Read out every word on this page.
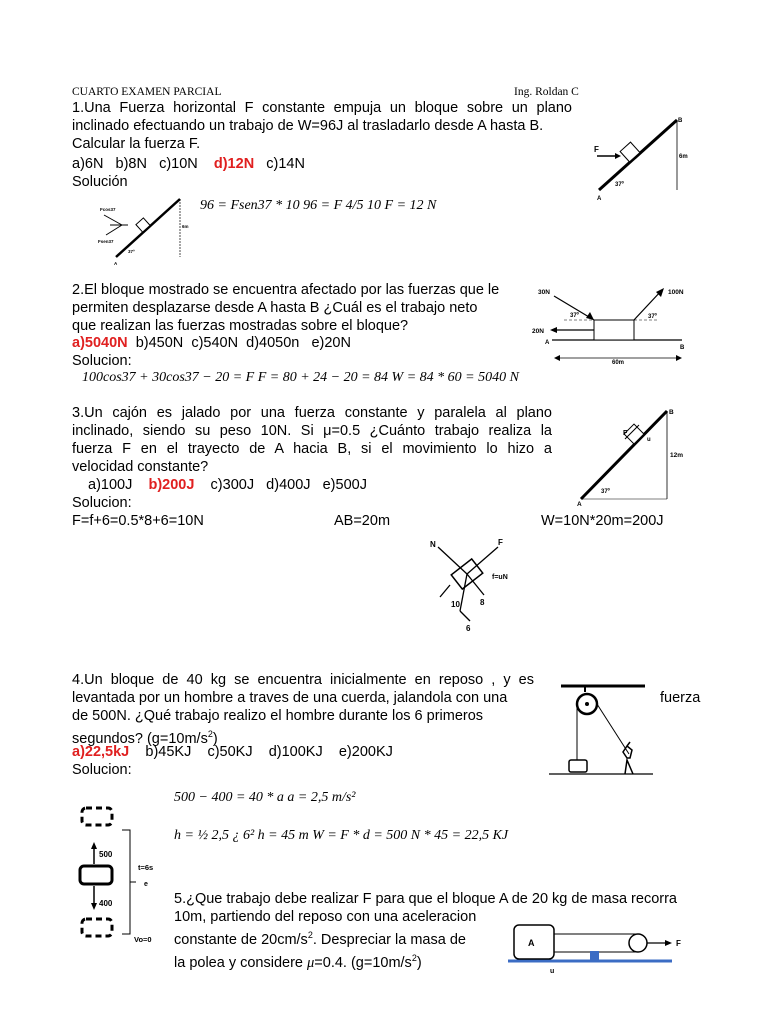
CUARTO EXAMEN PARCIAL	Ing. Roldan C
1.Una Fuerza horizontal F constante empuja un bloque sobre un plano
inclinado efectuando un trabajo de W=96J al trasladarlo desde A hasta B.
Calcular la fuerza F.
a)6N b)8N c)10N d)12N c)14N
Solución
96 = Fsen37 * 10 96 = F 4/5 10 F = 12 N
F
B
A
6m
37º
Fcos37
Fsen37
6m
37º
A
2.El bloque mostrado se encuentra afectado por las fuerzas que le
permiten desplazarse desde A hasta B ¿Cuál es el trabajo neto
que realizan las fuerzas mostradas sobre el bloque?
a)5040N b)450N c)540N d)4050n e)20N
Solucion:
100cos37 + 30cos37 − 20 = F F = 80 + 24 − 20 = 84 W = 84 * 60 = 5040 N
30N	100N
20N
37º	37º
A
B
60m
3.Un cajón es jalado por una fuerza constante y paralela al plano
inclinado, siendo su peso 10N. Si μ=0.5 ¿Cuánto trabajo realiza la
fuerza F en el trayecto de A hacia B, si el movimiento lo hizo a
velocidad constante?
a)100J b)200J c)300J d)400J e)500J
Solucion:
F=f+6=0.5*8+6=10N	AB=20m	W=10N*20m=200J
F
u
B
A
12m
37º
N	F
f=uN
10	8
6
4.Un bloque de 40 kg se encuentra inicialmente en reposo , y es
levantada por un hombre a traves de una cuerda, jalandola con una
de 500N. ¿Qué trabajo realizo el hombre durante los 6 primeros
segundos? $(g=10m/s^2)$
fuerza
a)22,5kJ b)45KJ c)50KJ d)100KJ e)200KJ
Solucion:
500 − 400 = 40 * a a = 2,5 m/s²
h = ½ 2,5 ¿ 6² h = 45 m W = F * d = 500 N * 45 = 22,5 KJ
500
400
t=6s
e
Vo=0
5.¿Que trabajo debe realizar F para que el bloque A de 20 kg de masa recorra
10m, partiendo del reposo con una aceleracion
constante de $20cm/s^2$. Despreciar la masa de
la polea y considere μ=0.4. $(g=10m/s^2)$
A	F
u
